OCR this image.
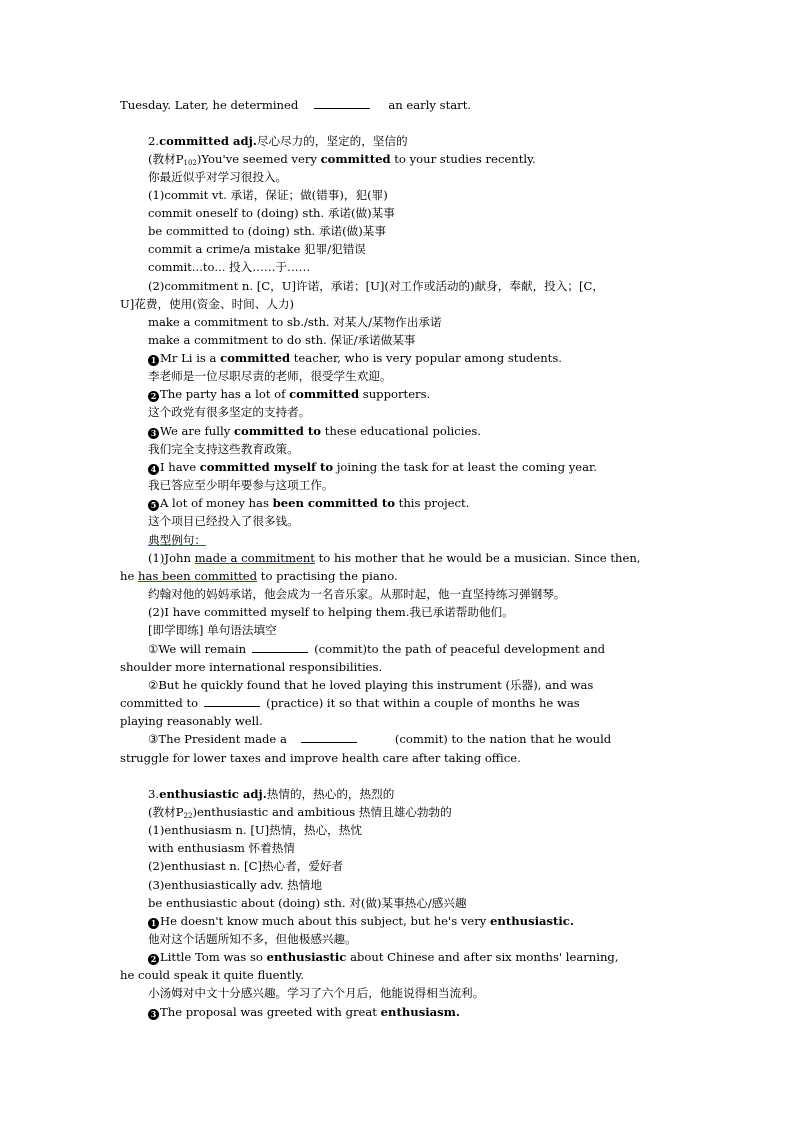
Tuesday. Later, he determined	an early start.
2.committed adj.尽心尽力的，坚定的，坚信的
(教材$P_{102})You've$ seemed very committed to your studies recently.
你最近似乎对学习很投入。
(1)commit vt. 承诺，保证；做(错事)，犯(罪)
commit oneself to (doing) sth. 承诺(做)某事
be committed to (doing) sth. 承诺(做)某事
commit a crime/a mistake 犯罪/犯错误
commit...to... 投入……于……
(2)commitment n. [C，U]许诺，承诺；[U](对工作或活动的)献身，奉献，投入；[C，
U]花费，使用(资金、时间、人力)
make a commitment to sb./sth. 对某人/某物作出承诺
make a commitment to do sth. 保证/承诺做某事
1 Mr Li is a committed teacher, who is very popular among students.
李老师是一位尽职尽责的老师，很受学生欢迎。
2 The party has a lot of committed supporters.
这个政党有很多坚定的支持者。
3 We are fully committed to these educational policies.
我们完全支持这些教育政策。
4 I have committed myself to joining the task for at least the coming year.
我已答应至少明年要参与这项工作。
5 A lot of money has been committed to this project.
这个项目已经投入了很多钱。
典型例句：
(1)John made a commitment to his mother that he would be a musician. Since then,
he has been committed to practising the piano.
约翰对他的妈妈承诺，他会成为一名音乐家。从那时起，他一直坚持练习弹钢琴。
(2)I have committed myself to helping them.我已承诺帮助他们。
[即学即练] 单句语法填空
①We will remain	(commit)to the path of peaceful development and
shoulder more international responsibilities.
②But he quickly found that he loved playing this instrument (乐器), and was
committed to	(practice) it so that within a couple of months he was
playing reasonably well.
③The President made a	(commit) to the nation that he would
struggle for lower taxes and improve health care after taking office.
3.enthusiastic adj.热情的，热心的，热烈的
(教材$P_{22})enthusiastic$ and ambitious 热情且雄心勃勃的
(1)enthusiasm n. [U]热情，热心，热忱
with enthusiasm 怀着热情
(2)enthusiast n. [C]热心者，爱好者
(3)enthusiastically adv. 热情地
be enthusiastic about (doing) sth. 对(做)某事热心/感兴趣
1 He doesn't know much about this subject, but he's very enthusiastic.
他对这个话题所知不多，但他极感兴趣。
2 Little Tom was so enthusiastic about Chinese and after six months' learning,
he could speak it quite fluently.
小汤姆对中文十分感兴趣。学习了六个月后，他能说得相当流利。
3 The proposal was greeted with great enthusiasm.
